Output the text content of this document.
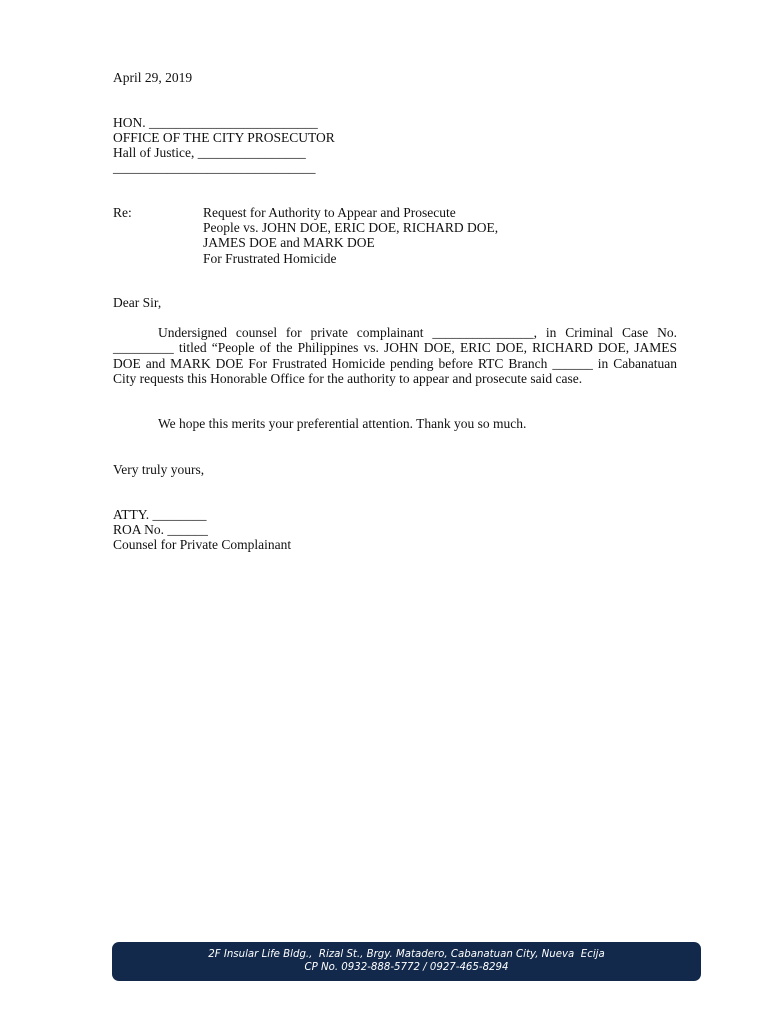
April 29, 2019
HON. _________________________
OFFICE OF THE CITY PROSECUTOR
Hall of Justice, ________________
______________________________
Re:	Request for Authority to Appear and Prosecute
People vs. JOHN DOE, ERIC DOE, RICHARD DOE,
JAMES DOE and MARK DOE
For Frustrated Homicide
Dear Sir,
Undersigned counsel for private complainant _______________, in Criminal Case No. _________ titled “People of the Philippines vs. JOHN DOE, ERIC DOE, RICHARD DOE, JAMES DOE and MARK DOE For Frustrated Homicide pending before RTC Branch ______ in Cabanatuan City requests this Honorable Office for the authority to appear and prosecute said case.
We hope this merits your preferential attention. Thank you so much.
Very truly yours,
ATTY. ________
ROA No. ______
Counsel for Private Complainant
2F Insular Life Bldg.,  Rizal St., Brgy. Matadero, Cabanatuan City, Nueva  Ecija
CP No. 0932-888-5772 / 0927-465-8294
